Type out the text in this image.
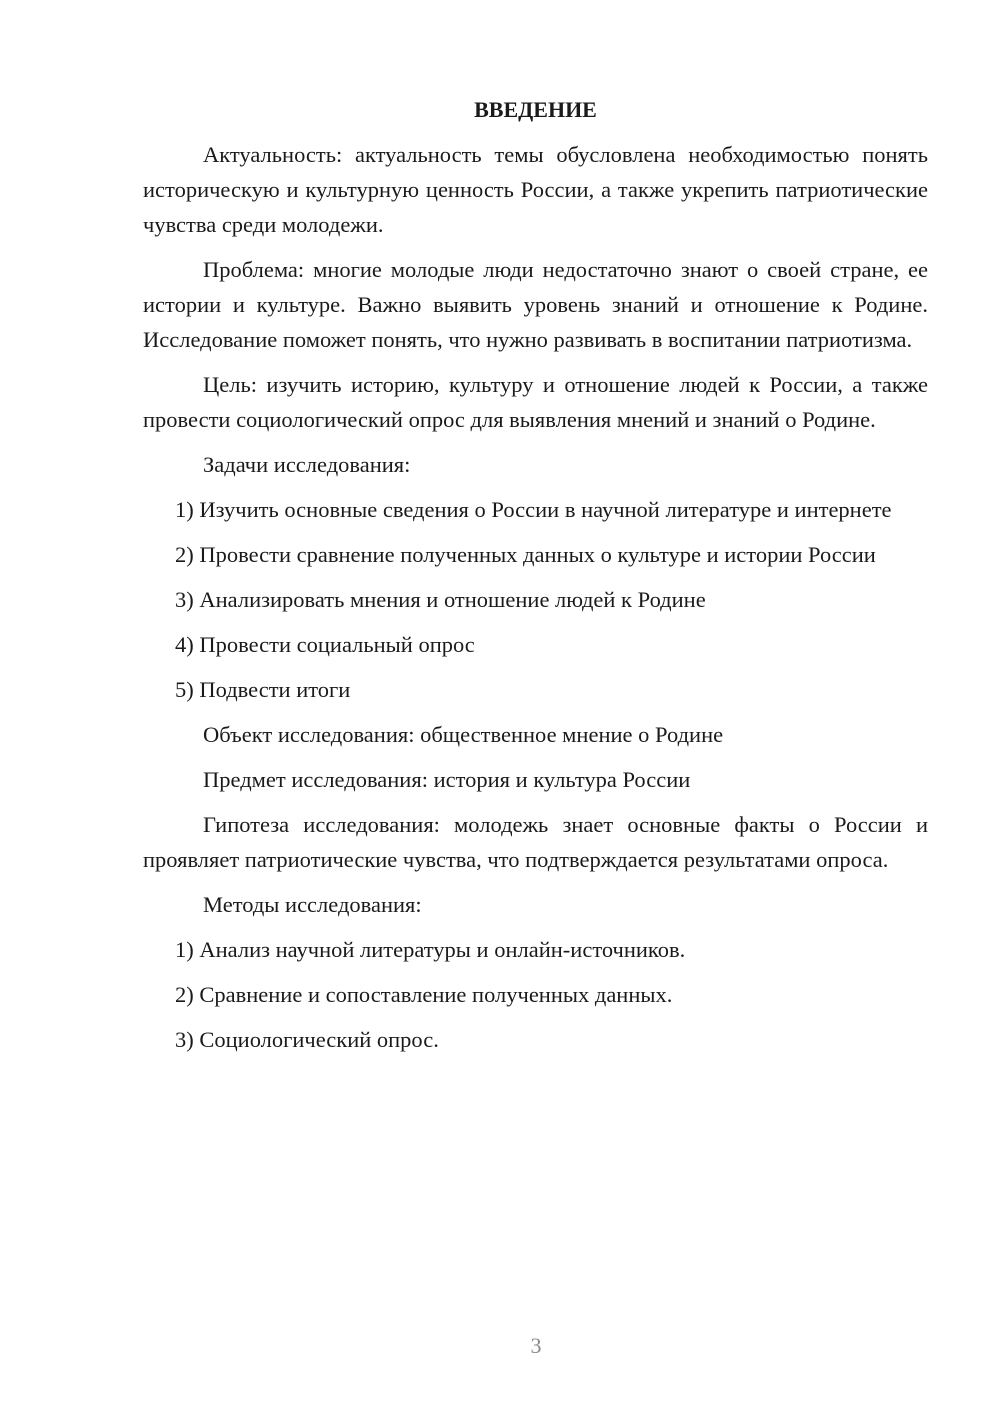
ВВЕДЕНИЕ

Актуальность: актуальность темы обусловлена необходимостью понять историческую и культурную ценность России, а также укрепить патриотические чувства среди молодежи.

Проблема: многие молодые люди недостаточно знают о своей стране, ее истории и культуре. Важно выявить уровень знаний и отношение к Родине. Исследование поможет понять, что нужно развивать в воспитании патриотизма.

Цель: изучить историю, культуру и отношение людей к России, а также провести социологический опрос для выявления мнений и знаний о Родине.

Задачи исследования:

1) Изучить основные сведения о России в научной литературе и интернете

2) Провести сравнение полученных данных о культуре и истории России

3) Анализировать мнения и отношение людей к Родине

4) Провести социальный опрос

5) Подвести итоги

Объект исследования: общественное мнение о Родине

Предмет исследования: история и культура России

Гипотеза исследования: молодежь знает основные факты о России и проявляет патриотические чувства, что подтверждается результатами опроса.

Методы исследования:

1) Анализ научной литературы и онлайн-источников.

2) Сравнение и сопоставление полученных данных.

3) Социологический опрос.

3
